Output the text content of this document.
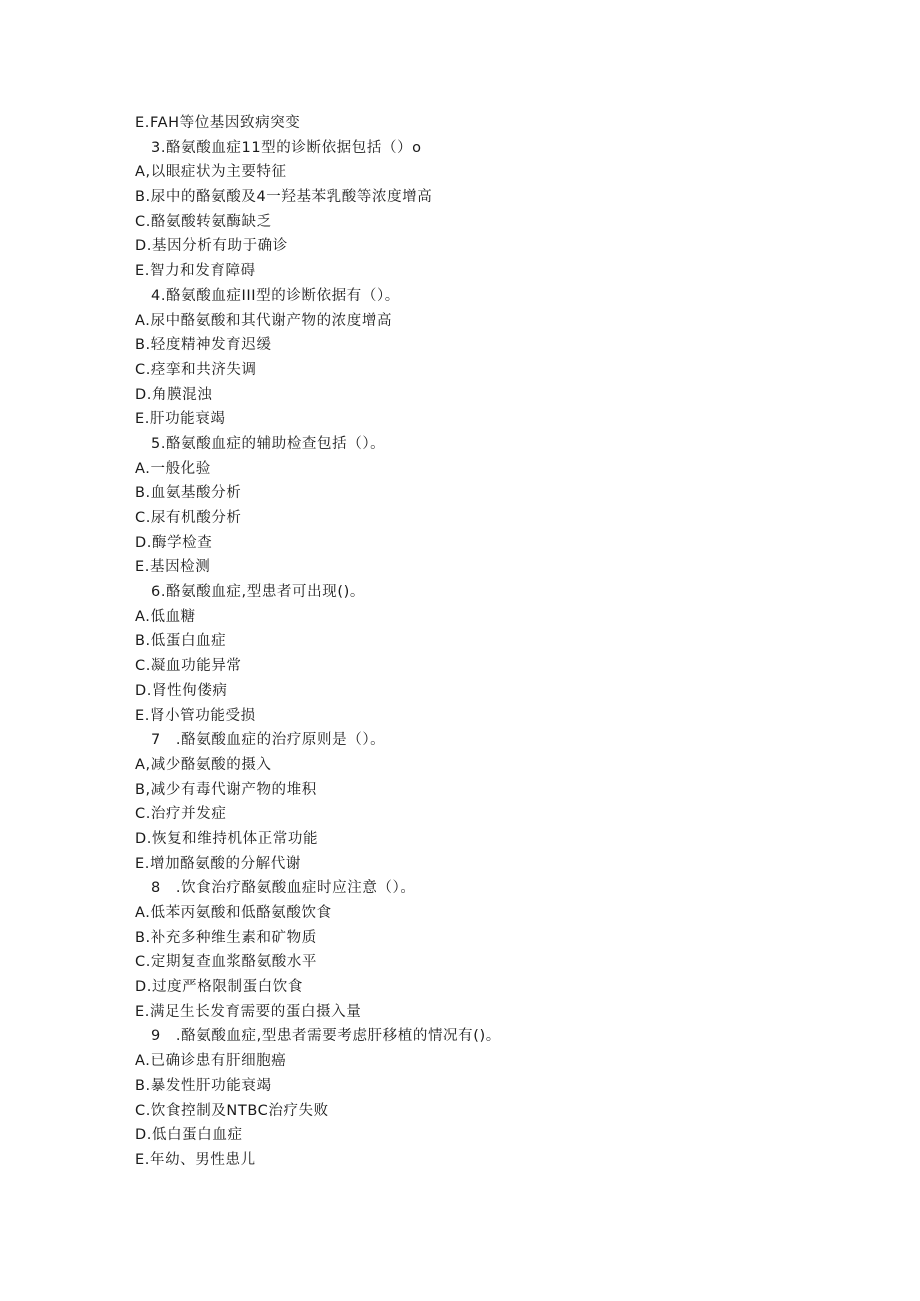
E.FAH等位基因致病突变
3.酪氨酸血症11型的诊断依据包括（）o
A,以眼症状为主要特征
B.尿中的酪氨酸及4一羟基苯乳酸等浓度增高
C.酪氨酸转氨酶缺乏
D.基因分析有助于确诊
E.智力和发育障碍
4.酪氨酸血症III型的诊断依据有（）。
A.尿中酪氨酸和其代谢产物的浓度增高
B.轻度精神发育迟缓
C.痉挛和共济失调
D.角膜混浊
E.肝功能衰竭
5.酪氨酸血症的辅助检查包括（）。
A.一般化验
B.血氨基酸分析
C.尿有机酸分析
D.酶学检查
E.基因检测
6.酪氨酸血症,型患者可出现()。
A.低血糖
B.低蛋白血症
C.凝血功能异常
D.肾性佝偻病
E.肾小管功能受损
7　.酪氨酸血症的治疗原则是（）。
A,减少酪氨酸的摄入
B,减少有毒代谢产物的堆积
C.治疗并发症
D.恢复和维持机体正常功能
E.增加酪氨酸的分解代谢
8　.饮食治疗酪氨酸血症时应注意（）。
A.低苯丙氨酸和低酪氨酸饮食
B.补充多种维生素和矿物质
C.定期复查血浆酪氨酸水平
D.过度严格限制蛋白饮食
E.满足生长发育需要的蛋白摄入量
9　.酪氨酸血症,型患者需要考虑肝移植的情况有()。
A.已确诊患有肝细胞癌
B.暴发性肝功能衰竭
C.饮食控制及NTBC治疗失败
D.低白蛋白血症
E.年幼、男性患儿
